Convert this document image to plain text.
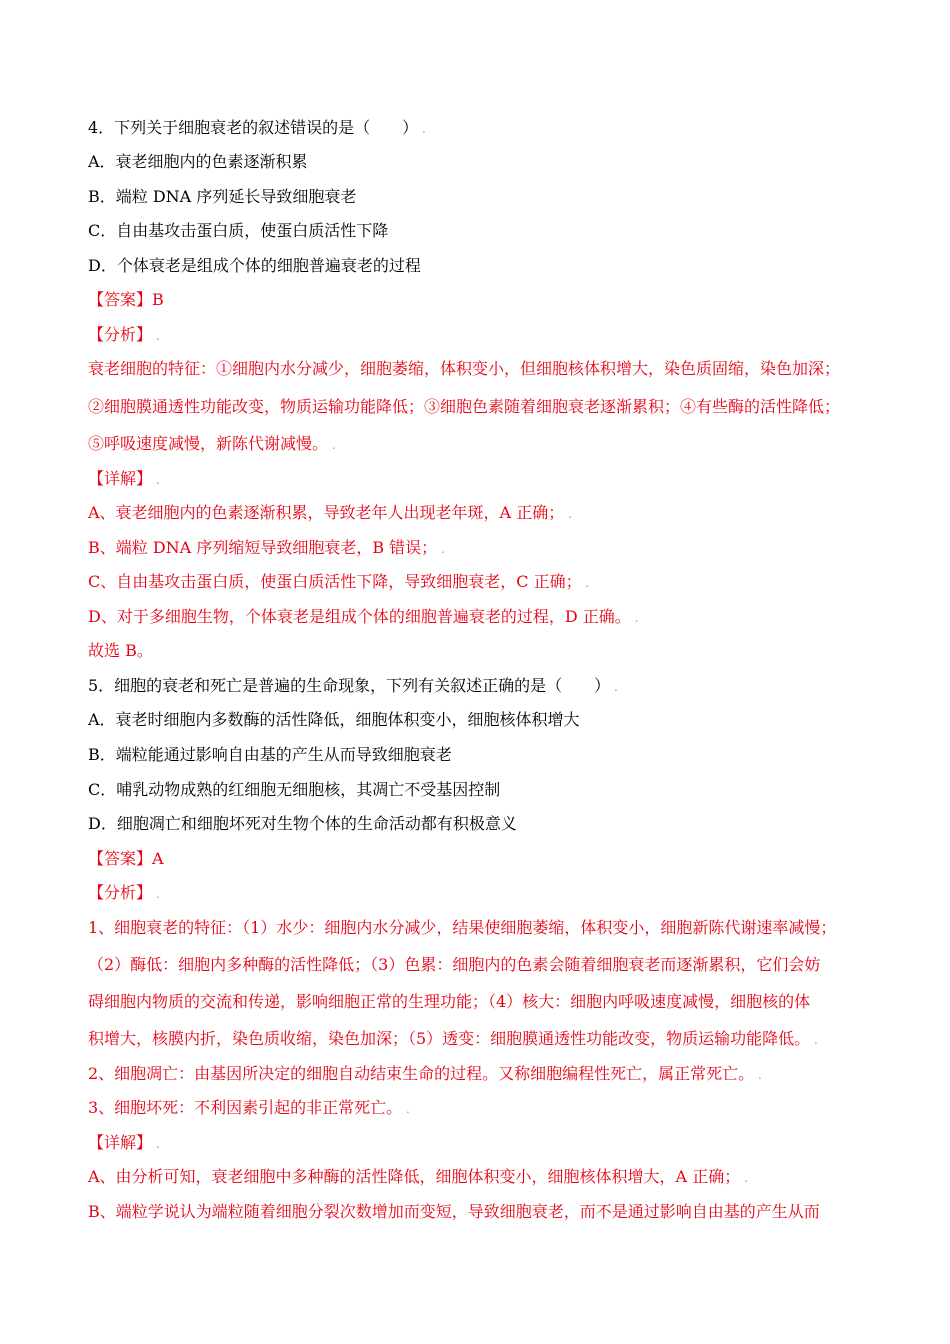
4．下列关于细胞衰老的叙述错误的是（　　） .
A．衰老细胞内的色素逐渐积累
B．端粒 DNA 序列延长导致细胞衰老
C．自由基攻击蛋白质，使蛋白质活性下降
D．个体衰老是组成个体的细胞普遍衰老的过程
【答案】B
【分析】 .
衰老细胞的特征：①细胞内水分减少，细胞萎缩，体积变小，但细胞核体积增大，染色质固缩，染色加深；
②细胞膜通透性功能改变，物质运输功能降低；③细胞色素随着细胞衰老逐渐累积；④有些酶的活性降低；
⑤呼吸速度减慢，新陈代谢减慢。 .
【详解】 .
A、衰老细胞内的色素逐渐积累，导致老年人出现老年斑，A 正确； .
B、端粒 DNA 序列缩短导致细胞衰老，B 错误； .
C、自由基攻击蛋白质，使蛋白质活性下降，导致细胞衰老，C 正确； .
D、对于多细胞生物，个体衰老是组成个体的细胞普遍衰老的过程，D 正确。 .
故选 B。
5．细胞的衰老和死亡是普遍的生命现象，下列有关叙述正确的是（　　） .
A．衰老时细胞内多数酶的活性降低，细胞体积变小，细胞核体积增大
B．端粒能通过影响自由基的产生从而导致细胞衰老
C．哺乳动物成熟的红细胞无细胞核，其凋亡不受基因控制
D．细胞凋亡和细胞坏死对生物个体的生命活动都有积极意义
【答案】A
【分析】 .
1、细胞衰老的特征：（1）水少：细胞内水分减少，结果使细胞萎缩，体积变小，细胞新陈代谢速率减慢；
（2）酶低：细胞内多种酶的活性降低；（3）色累：细胞内的色素会随着细胞衰老而逐渐累积，它们会妨
碍细胞内物质的交流和传递，影响细胞正常的生理功能；（4）核大：细胞内呼吸速度减慢，细胞核的体
积增大，核膜内折，染色质收缩，染色加深；（5）透变：细胞膜通透性功能改变，物质运输功能降低。 .
2、细胞凋亡：由基因所决定的细胞自动结束生命的过程。又称细胞编程性死亡，属正常死亡。 .
3、细胞坏死：不利因素引起的非正常死亡。 .
【详解】 .
A、由分析可知，衰老细胞中多种酶的活性降低，细胞体积变小，细胞核体积增大，A 正确； .
B、端粒学说认为端粒随着细胞分裂次数增加而变短，导致细胞衰老，而不是通过影响自由基的产生从而
